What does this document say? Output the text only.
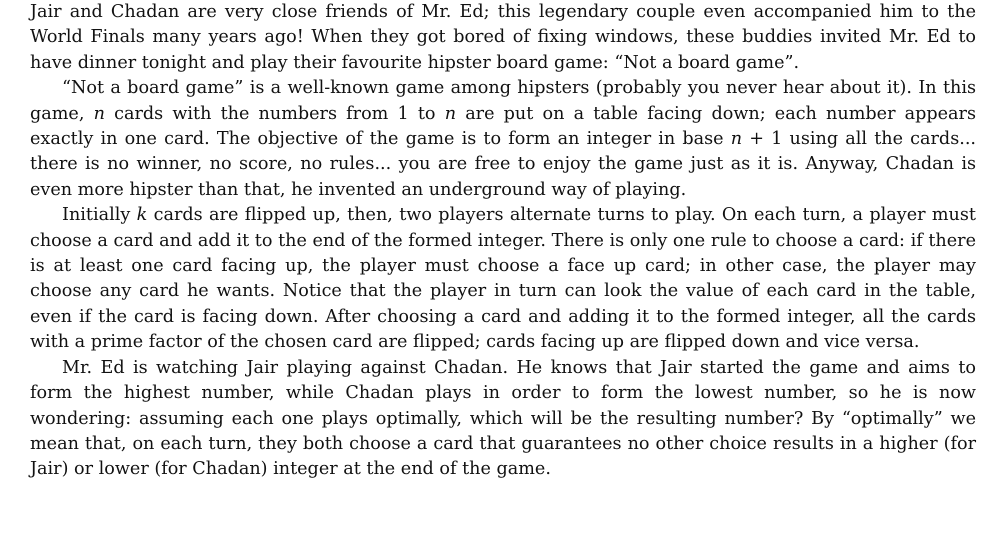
Jair and Chadan are very close friends of Mr. Ed; this legendary couple even accompanied him to the World Finals many years ago! When they got bored of fixing windows, these buddies invited Mr. Ed to have dinner tonight and play their favourite hipster board game: “Not a board game”.

“Not a board game” is a well-known game among hipsters (probably you never hear about it). In this game, n cards with the numbers from 1 to n are put on a table facing down; each number appears exactly in one card. The objective of the game is to form an integer in base n + 1 using all the cards... there is no winner, no score, no rules... you are free to enjoy the game just as it is. Anyway, Chadan is even more hipster than that, he invented an underground way of playing.

Initially k cards are flipped up, then, two players alternate turns to play. On each turn, a player must choose a card and add it to the end of the formed integer. There is only one rule to choose a card: if there is at least one card facing up, the player must choose a face up card; in other case, the player may choose any card he wants. Notice that the player in turn can look the value of each card in the table, even if the card is facing down. After choosing a card and adding it to the formed integer, all the cards with a prime factor of the chosen card are flipped; cards facing up are flipped down and vice versa.

Mr. Ed is watching Jair playing against Chadan. He knows that Jair started the game and aims to form the highest number, while Chadan plays in order to form the lowest number, so he is now wondering: assuming each one plays optimally, which will be the resulting number? By “optimally” we mean that, on each turn, they both choose a card that guarantees no other choice results in a higher (for Jair) or lower (for Chadan) integer at the end of the game.
